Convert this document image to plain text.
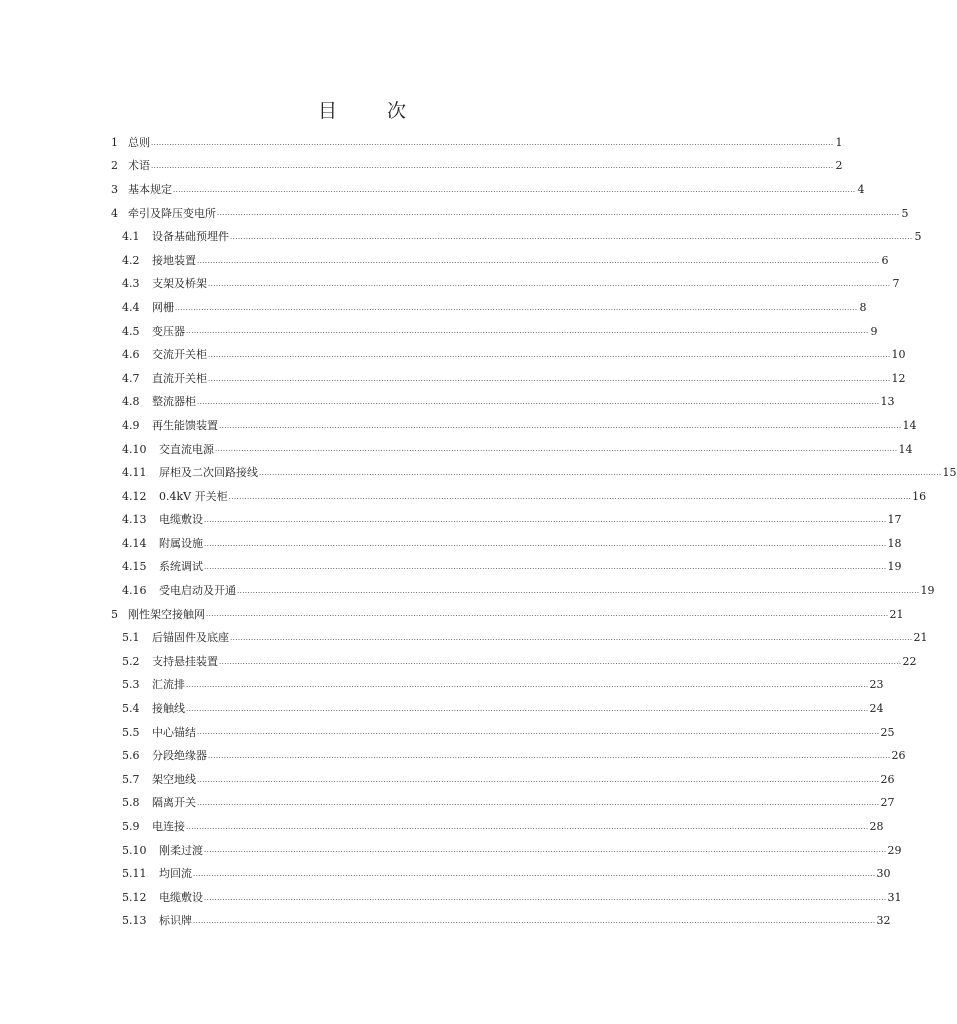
目 次
1 总则 .................................................................................................................................................................................................................................................................... 1
2 术语 .................................................................................................................................................................................................................................................................... 2
3 基本规定 .................................................................................................................................................................................................................................................................... 4
4 牵引及降压变电所 .................................................................................................................................................................................................................................................................... 5
4.1	设备基础预埋件 .................................................................................................................................................................................................................................................................... 5
4.2	接地装置 .................................................................................................................................................................................................................................................................... 6
4.3	支架及桥架 .................................................................................................................................................................................................................................................................... 7
4.4	网栅 .................................................................................................................................................................................................................................................................... 8
4.5	变压器 .................................................................................................................................................................................................................................................................... 9
4.6	交流开关柜 .................................................................................................................................................................................................................................................................... 10
4.7	直流开关柜 .................................................................................................................................................................................................................................................................... 12
4.8	整流器柜 .................................................................................................................................................................................................................................................................... 13
4.9	再生能馈装置 .................................................................................................................................................................................................................................................................... 14
4.10	交直流电源 .................................................................................................................................................................................................................................................................... 14
4.11	屏柜及二次回路接线 .................................................................................................................................................................................................................................................................... 15
4.12	0.4kV 开关柜 .................................................................................................................................................................................................................................................................... 16
4.13	电缆敷设 .................................................................................................................................................................................................................................................................... 17
4.14	附属设施 .................................................................................................................................................................................................................................................................... 18
4.15	系统调试 .................................................................................................................................................................................................................................................................... 19
4.16	受电启动及开通 .................................................................................................................................................................................................................................................................... 19
5 刚性架空接触网 .................................................................................................................................................................................................................................................................... 21
5.1	后锚固件及底座 .................................................................................................................................................................................................................................................................... 21
5.2	支持悬挂装置 .................................................................................................................................................................................................................................................................... 22
5.3	汇流排 .................................................................................................................................................................................................................................................................... 23
5.4	接触线 .................................................................................................................................................................................................................................................................... 24
5.5	中心锚结 .................................................................................................................................................................................................................................................................... 25
5.6	分段绝缘器 .................................................................................................................................................................................................................................................................... 26
5.7	架空地线 .................................................................................................................................................................................................................................................................... 26
5.8	隔离开关 .................................................................................................................................................................................................................................................................... 27
5.9	电连接 .................................................................................................................................................................................................................................................................... 28
5.10	刚柔过渡 .................................................................................................................................................................................................................................................................... 29
5.11	均回流 .................................................................................................................................................................................................................................................................... 30
5.12	电缆敷设 .................................................................................................................................................................................................................................................................... 31
5.13	标识牌 .................................................................................................................................................................................................................................................................... 32
